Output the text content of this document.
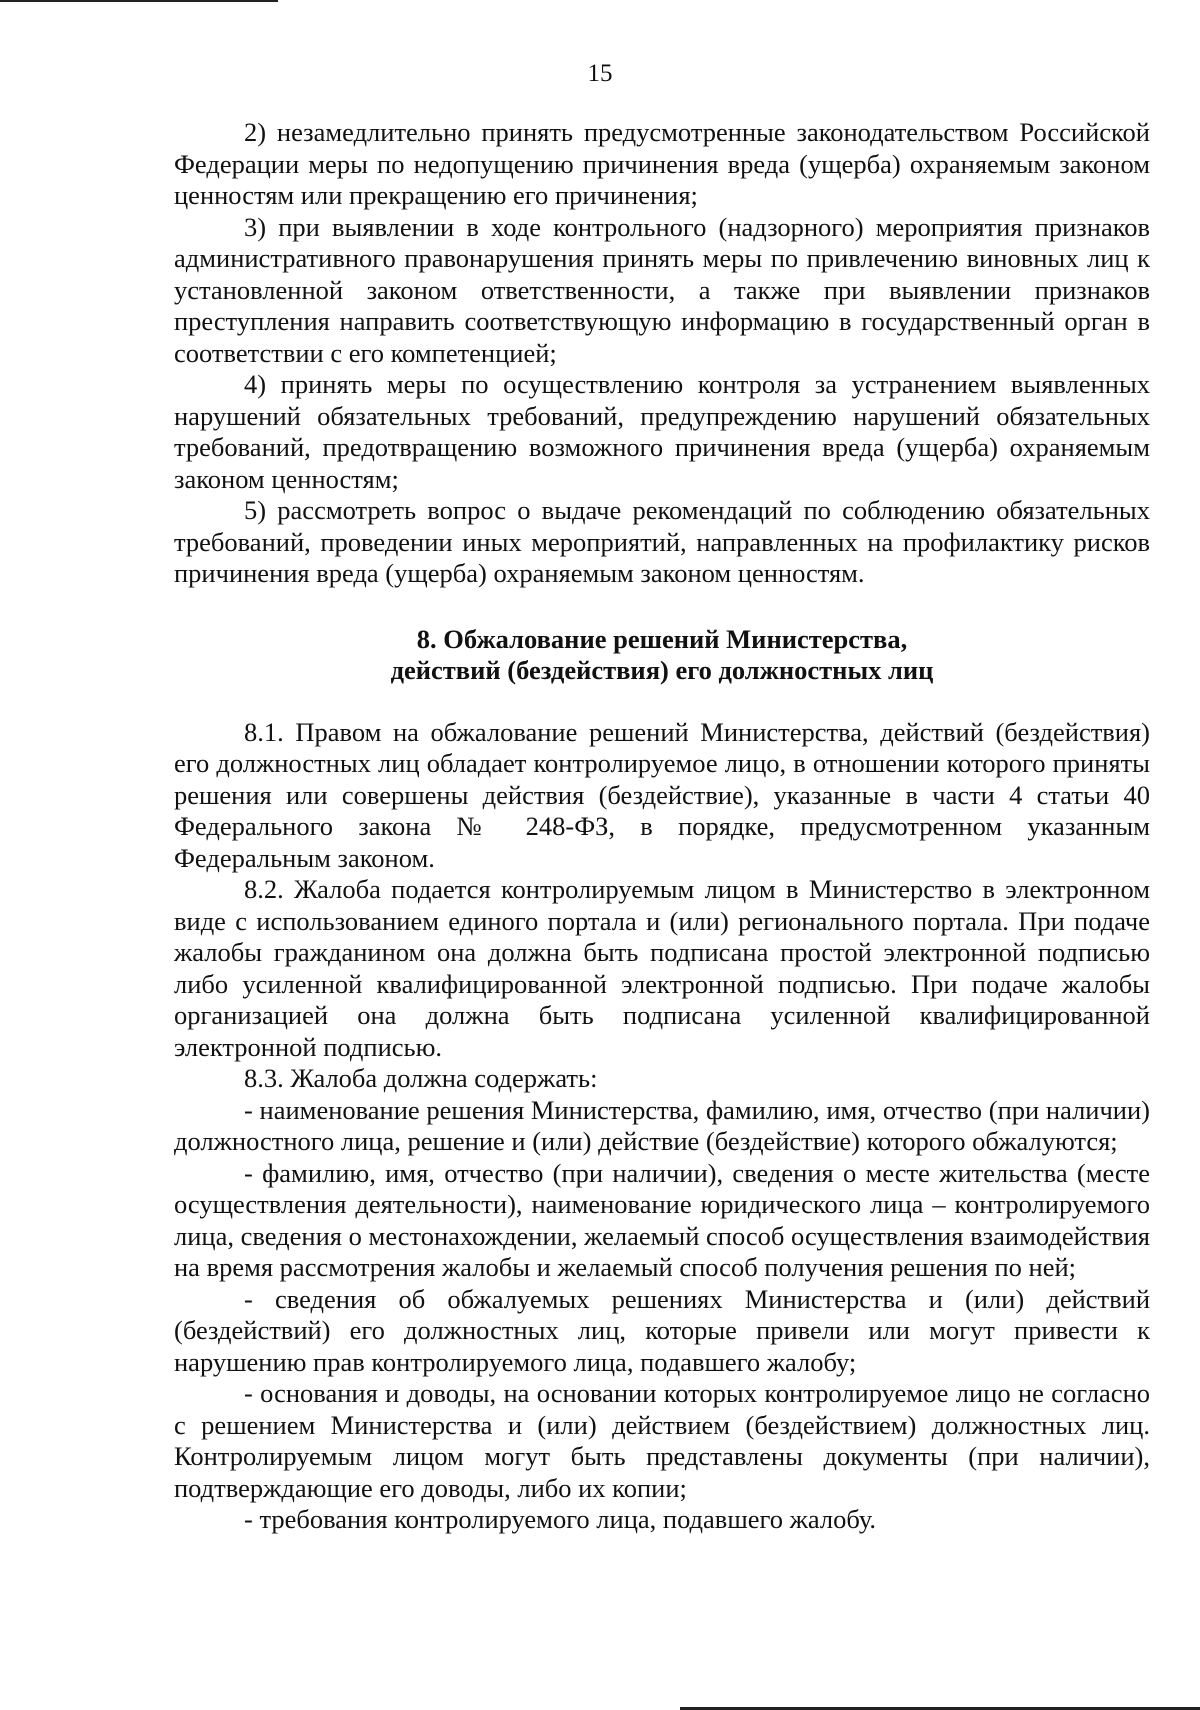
15

2) незамедлительно принять предусмотренные законодательством Российской Федерации меры по недопущению причинения вреда (ущерба) охраняемым законом ценностям или прекращению его причинения;

3) при выявлении в ходе контрольного (надзорного) мероприятия признаков административного правонарушения принять меры по привлечению виновных лиц к установленной законом ответственности, а также при выявлении признаков преступления направить соответствующую информацию в государственный орган в соответствии с его компетенцией;

4) принять меры по осуществлению контроля за устранением выявленных нарушений обязательных требований, предупреждению нарушений обязательных требований, предотвращению возможного причинения вреда (ущерба) охраняемым законом ценностям;

5) рассмотреть вопрос о выдаче рекомендаций по соблюдению обязательных требований, проведении иных мероприятий, направленных на профилактику рисков причинения вреда (ущерба) охраняемым законом ценностям.

8. Обжалование решений Министерства,
действий (бездействия) его должностных лиц

8.1. Правом на обжалование решений Министерства, действий (бездействия) его должностных лиц обладает контролируемое лицо, в отношении которого приняты решения или совершены действия (бездействие), указанные в части 4 статьи 40 Федерального закона № 248-ФЗ, в порядке, предусмотренном указанным Федеральным законом.

8.2. Жалоба подается контролируемым лицом в Министерство в электронном виде с использованием единого портала и (или) регионального портала. При подаче жалобы гражданином она должна быть подписана простой электронной подписью либо усиленной квалифицированной электронной подписью. При подаче жалобы организацией она должна быть подписана усиленной квалифицированной электронной подписью.

8.3. Жалоба должна содержать:

- наименование решения Министерства, фамилию, имя, отчество (при наличии) должностного лица, решение и (или) действие (бездействие) которого обжалуются;

- фамилию, имя, отчество (при наличии), сведения о месте жительства (месте осуществления деятельности), наименование юридического лица – контролируемого лица, сведения о местонахождении, желаемый способ осуществления взаимодействия на время рассмотрения жалобы и желаемый способ получения решения по ней;

- сведения об обжалуемых решениях Министерства и (или) действий (бездействий) его должностных лиц, которые привели или могут привести к нарушению прав контролируемого лица, подавшего жалобу;

- основания и доводы, на основании которых контролируемое лицо не согласно с решением Министерства и (или) действием (бездействием) должностных лиц. Контролируемым лицом могут быть представлены документы (при наличии), подтверждающие его доводы, либо их копии;

- требования контролируемого лица, подавшего жалобу.
